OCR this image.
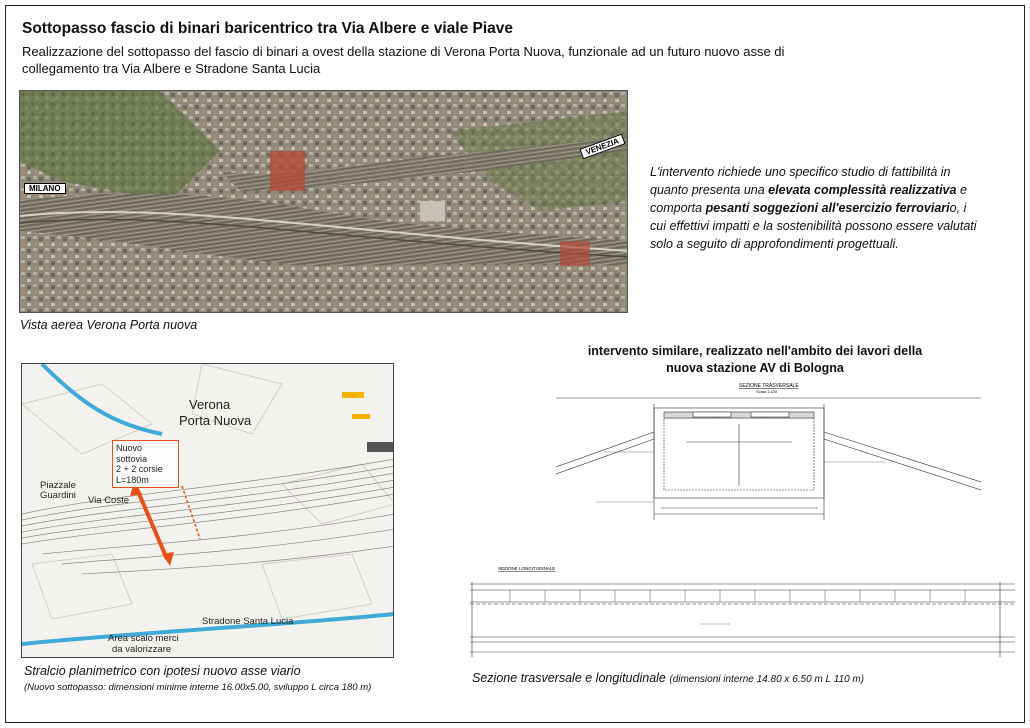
Sottopasso fascio di binari baricentrico tra Via Albere e viale Piave
Realizzazione del sottopasso del fascio di binari a ovest della stazione di Verona Porta Nuova, funzionale ad un futuro nuovo asse di collegamento tra Via Albere e Stradone Santa Lucia
MILANO
VENEZIA
Vista aerea Verona Porta nuova
L'intervento richiede uno specifico studio di fattibilità in quanto presenta una elevata complessità realizzativa e comporta pesanti soggezioni all'esercizio ferroviario, i cui effettivi impatti e la sostenibilità possono essere valutati solo a seguito di approfondimenti progettuali.
Verona
Porta Nuova
Nuovo sottovia
2 + 2 corsie
L=180m
Piazzale
Guardini Via Coste
Area scalo merci
da valorizzare
Stradone Santa Lucia
Stralcio planimetrico con ipotesi nuovo asse viario
(Nuovo sottopasso: dimensioni minime interne 16.00x5.00, sviluppo L circa 180 m)
intervento similare, realizzato nell'ambito dei lavori della
nuova stazione AV di Bologna
SEZIONE TRASVERSALE
Scala 1:100
SEZIONE LONGITUDINALE
Sezione trasversale e longitudinale (dimensioni interne 14.80 x 6.50 m L 110 m)
